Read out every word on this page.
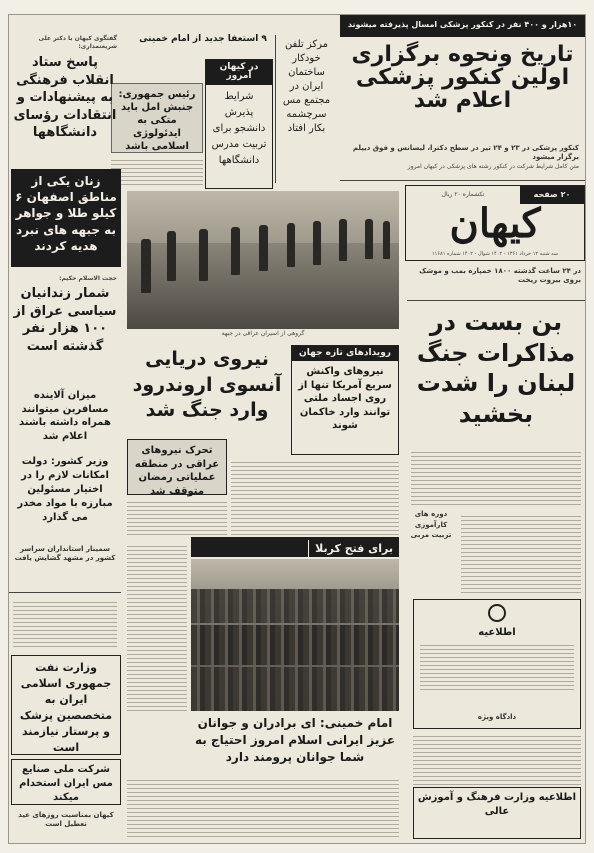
۱۰هزار و ۴۰۰ نفر در کنکور پزشکی امسال پذیرفته میشوند
تاریخ ونحوه برگزاری اولین کنکور پزشکی اعلام شد
کنکور پزشکی در ۲۳ و ۲۴ تیر در سطح دکترا، لیسانس و فوق دیپلم برگزار میشود
متن کامل شرایط شرکت در کنکور رشته های پزشکی در کیهان امروز
۲۰ صفحه
تکشماره ۲۰ ریال
کیهان
سه شنبه ۱۲ خرداد ۱۳۶۱ - ۱۴۰۲ شوال - ۱۴۰۲ شماره ۱۱۶۸۱
مرکز تلفن خودکار ساختمان ایران در مجتمع مس سرچشمه بکار افتاد
۹ استعفا جدید از امام خمینی
در کیهان امروز
شرایط پذیرش دانشجو برای تربیت مدرس دانشگاهها
رئیس جمهوری: جنبش امل باید متکی به ایدئولوژی اسلامی باشد
گفتگوی کیهان با دکتر علی شریعتمداری:
پاسخ ستاد انقلاب فرهنگی به پیشنهادات و انتقادات رؤسای دانشگاهها
زنان یکی از مناطق اصفهان ۶ کیلو طلا و جواهر به جبهه های نبرد هدیه کردند
حجت الاسلام حکیم:
شمار زندانیان سیاسی عراق از ۱۰۰ هزار نفر گذشته است
میزان آلاینده مسافرین میتوانند همراه داشته باشند اعلام شد
وزیر کشور: دولت امکانات لازم را در اختیار مسئولین مبارزه با مواد مخدر می گذارد
سمینار استانداران سراسر کشور در مشهد گشایش یافت
وزارت نفت جمهوری اسلامی ایران به متخصصین پزشک و پرستار نیازمند است
شرکت ملی صنایع مس ایران استخدام میکند
کیهان بمناسبت روزهای عید تعطیل است
گروهی از اسیران عراقی در جبهه
در ۲۴ ساعت گذشته ۱۸۰۰ خمپاره بمب و موشک بروی بیروت ریخت
بن بست در مذاکرات جنگ لبنان را شدت بخشید
نیروی دریایی آنسوی اروندرود وارد جنگ شد
رویدادهای تازه جهان
نیروهای واکنش سریع آمریکا تنها از روی اجساد ملتی توانند وارد خاکمان شوند
تحرک نیروهای عراقی در منطقه عملیاتی رمضان متوقف شد
دوره های کارآموزی تربیت مربی
برای فتح کربلا
امام خمینی: ای برادران و جوانان عزیز ایرانی اسلام امروز احتیاج به شما جوانان پرومند دارد
اطلاعیه
دادگاه ویژه
اطلاعیه وزارت فرهنگ و آموزش عالی
